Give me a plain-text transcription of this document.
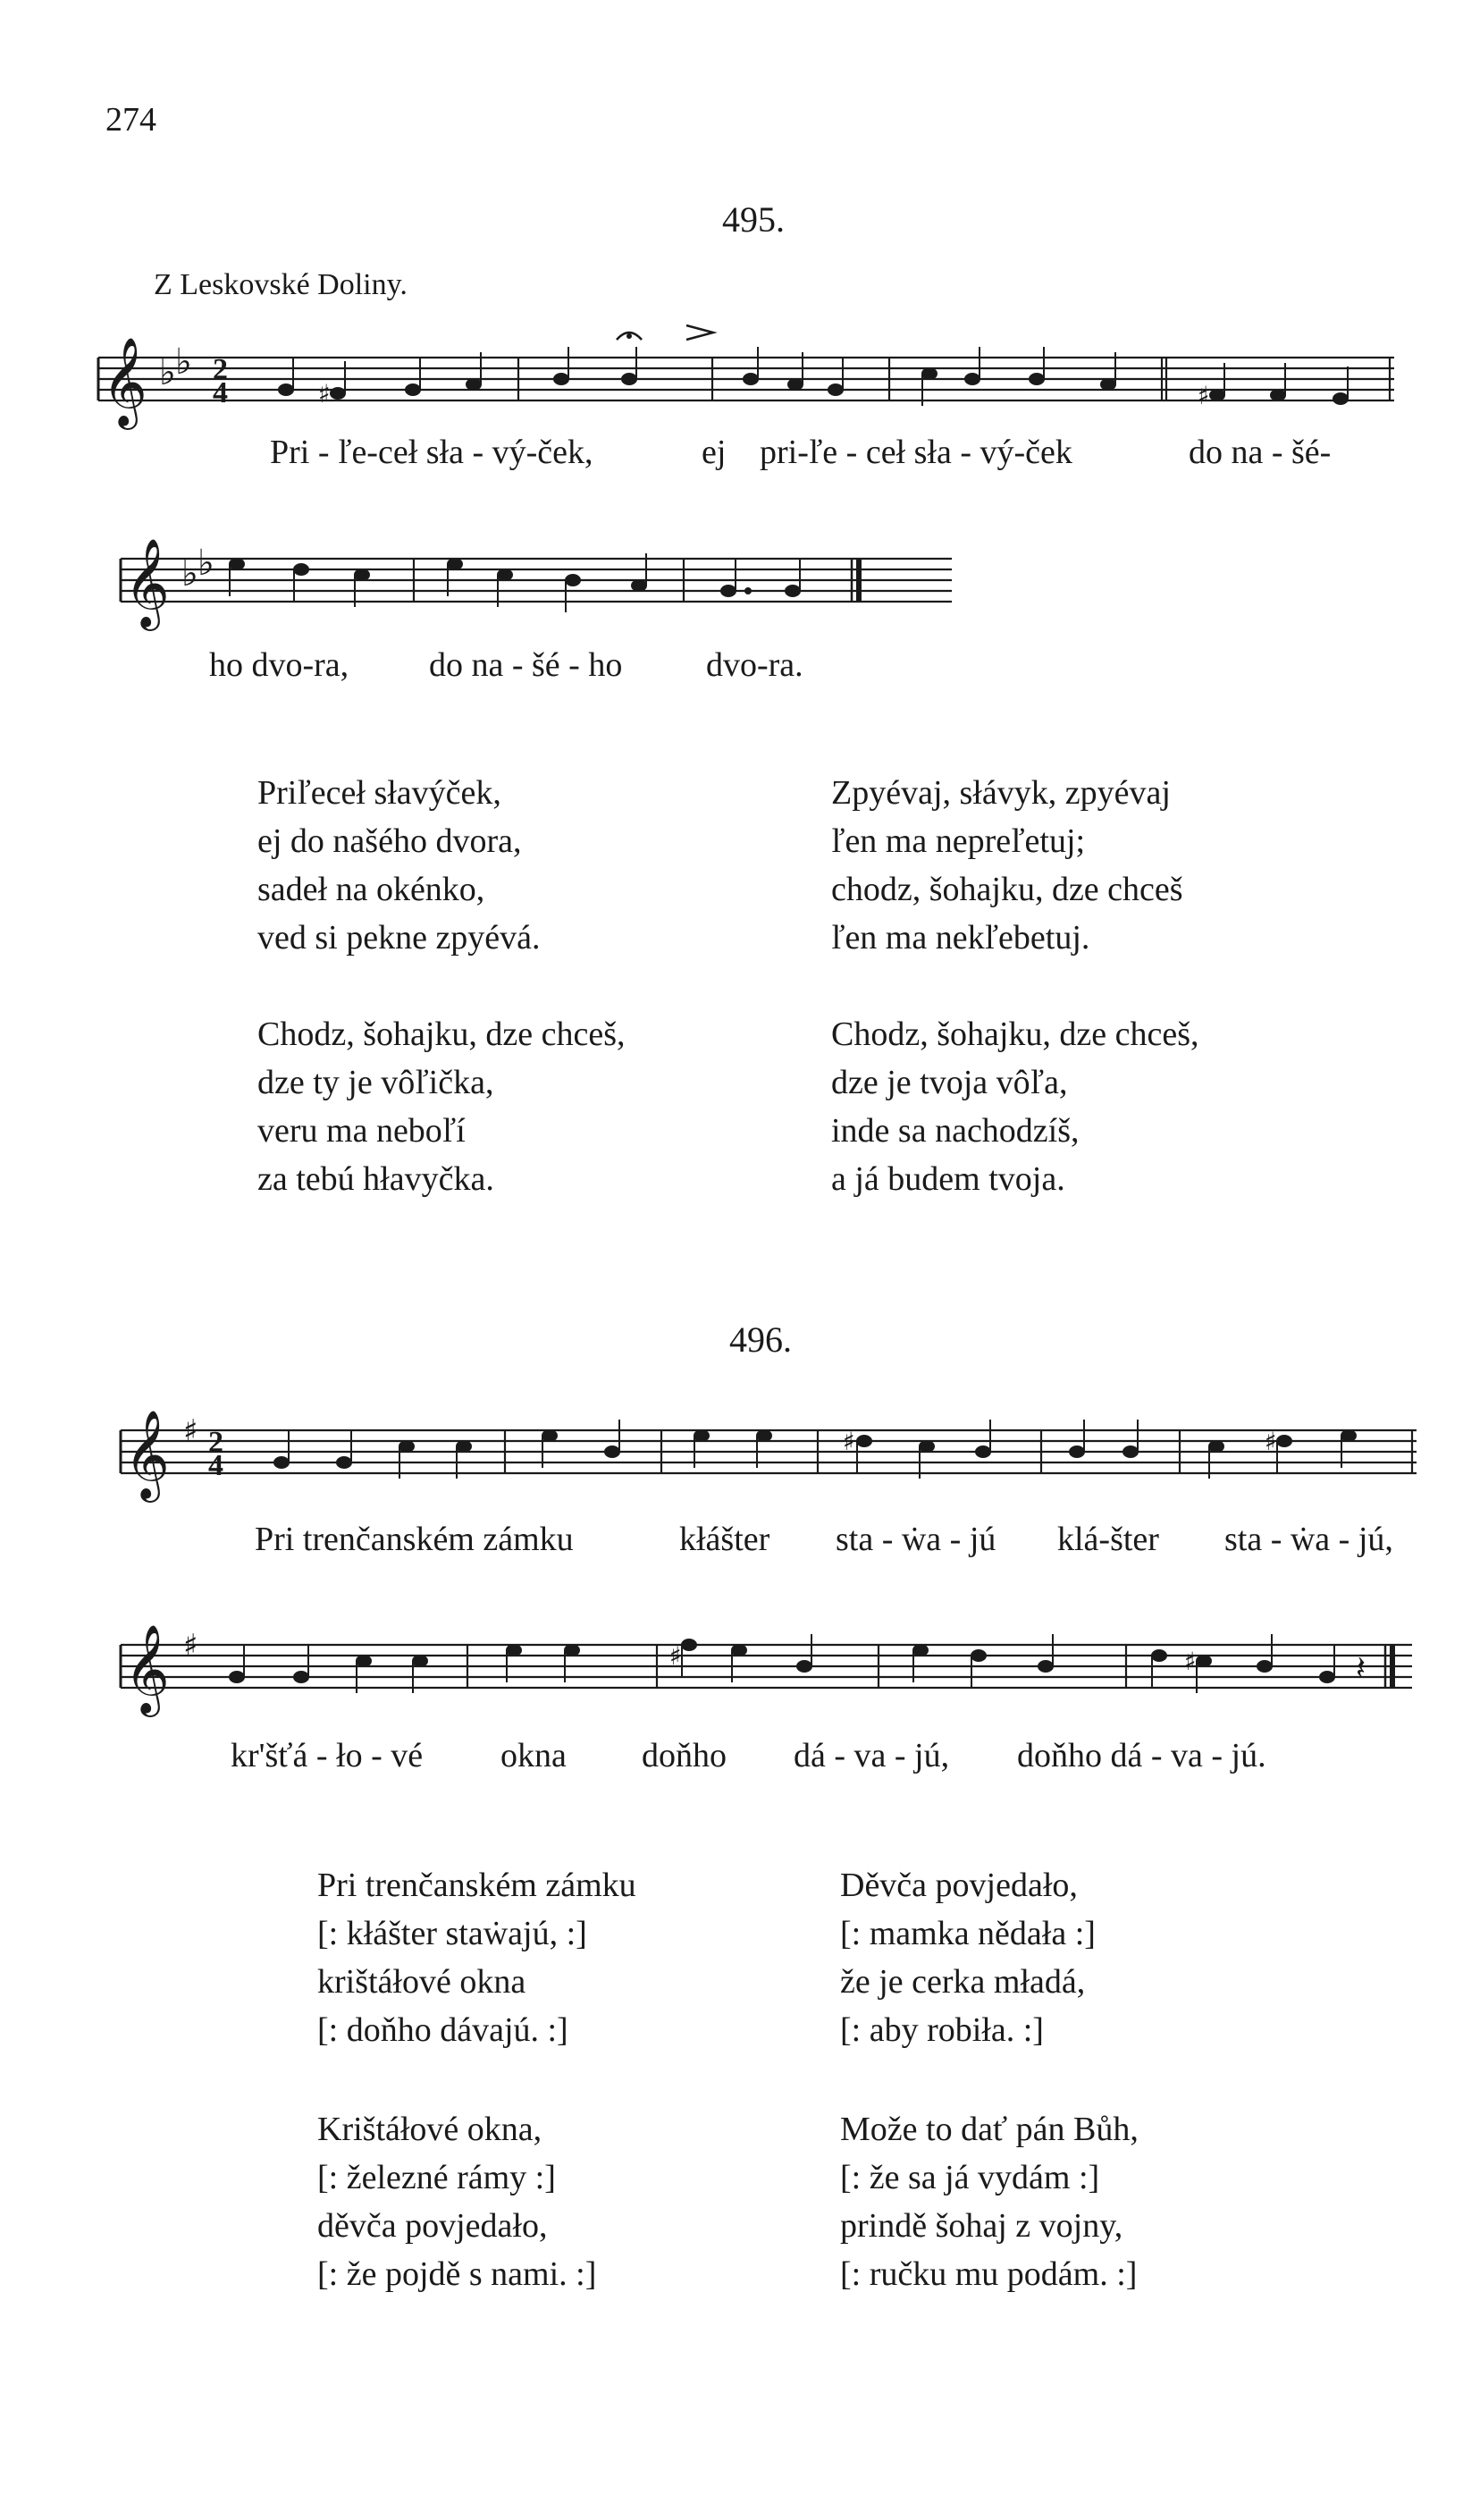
274
495.
Z Leskovské Doliny.
𝄞 ♭ ♭ 2
4	♯	♯
Pri - ľe-ceł sła - vý-ček,	ej pri-ľe - ceł sła - vý-ček	do na - šé-
𝄞 ♭ ♭
ho dvo-ra, do na - šé - ho dvo-ra.
Priľeceł słavýček,
ej do našého dvora,
sadeł na okénko,
ved si pekne zpyévá.
Zpyévaj, słávyk, zpyévaj
ľen ma nepreľetuj;
chodz, šohajku, dze chceš
ľen ma nekľebetuj.
Chodz, šohajku, dze chceš,
dze ty je vôľička,
veru ma neboľí
za tebú hłavyčka.
Chodz, šohajku, dze chceš,
dze je tvoja vôľa,
inde sa nachodzíš,
a já budem tvoja.
496.
𝄞 ♯ 2
4
♯	♯
Pri trenčanském zámku	kłášter sta - ẇa - jú klá-šter sta - ẇa - jú,
𝄞 ♯	♯	♯	𝄽
kr'šťá - ło - vé okna doňho dá - va - jú, doňho dá - va - jú.
Pri trenčanském zámku
[: kłášter staẇajú, :]
krištáłové okna
[: doňho dávajú. :]
Děvča povjedało,
[: mamka nědała :]
že je cerka mładá,
[: aby robiła. :]
Krištáłové okna,
[: železné rámy :]
děvča povjedało,
[: že pojdě s nami. :]
Može to dať pán Bůh,
[: že sa já vydám :]
prindě šohaj z vojny,
[: ručku mu podám. :]
